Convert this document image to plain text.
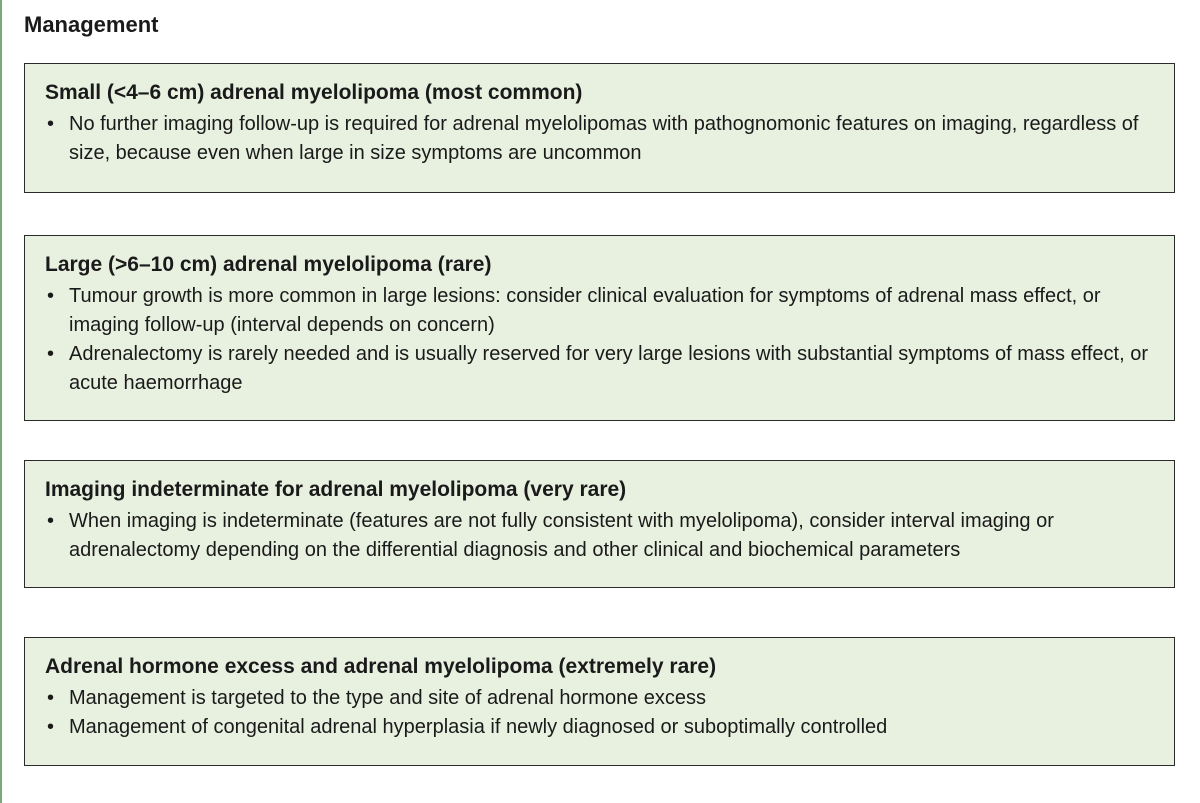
Management
Small (<4–6 cm) adrenal myelolipoma (most common)
• No further imaging follow-up is required for adrenal myelolipomas with pathognomonic features on imaging, regardless of size, because even when large in size symptoms are uncommon
Large (>6–10 cm) adrenal myelolipoma (rare)
• Tumour growth is more common in large lesions: consider clinical evaluation for symptoms of adrenal mass effect, or imaging follow-up (interval depends on concern)
• Adrenalectomy is rarely needed and is usually reserved for very large lesions with substantial symptoms of mass effect, or acute haemorrhage
Imaging indeterminate for adrenal myelolipoma (very rare)
• When imaging is indeterminate (features are not fully consistent with myelolipoma), consider interval imaging or adrenalectomy depending on the differential diagnosis and other clinical and biochemical parameters
Adrenal hormone excess and adrenal myelolipoma (extremely rare)
• Management is targeted to the type and site of adrenal hormone excess
• Management of congenital adrenal hyperplasia if newly diagnosed or suboptimally controlled
